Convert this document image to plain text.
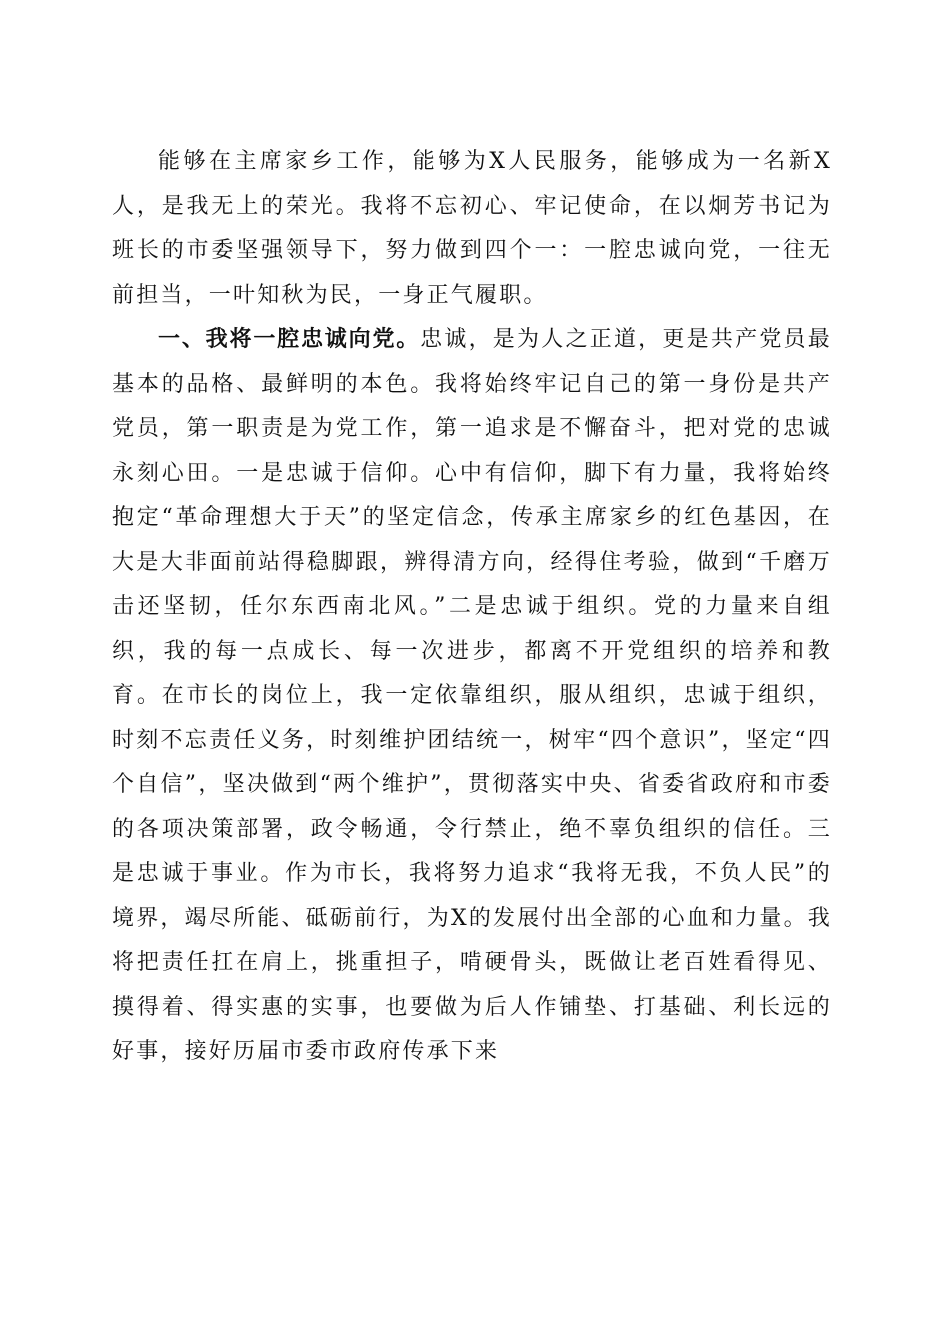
能够在主席家乡工作，能够为X人民服务，能够成为一名新X人，是我无上的荣光。我将不忘初心、牢记使命，在以炯芳书记为班长的市委坚强领导下，努力做到四个一：一腔忠诚向党，一往无前担当，一叶知秋为民，一身正气履职。

一、我将一腔忠诚向党。忠诚，是为人之正道，更是共产党员最基本的品格、最鲜明的本色。我将始终牢记自己的第一身份是共产党员，第一职责是为党工作，第一追求是不懈奋斗，把对党的忠诚永刻心田。一是忠诚于信仰。心中有信仰，脚下有力量，我将始终抱定“革命理想大于天”的坚定信念，传承主席家乡的红色基因，在大是大非面前站得稳脚跟，辨得清方向，经得住考验，做到“千磨万击还坚韧，任尔东西南北风。”二是忠诚于组织。党的力量来自组织，我的每一点成长、每一次进步，都离不开党组织的培养和教育。在市长的岗位上，我一定依靠组织，服从组织，忠诚于组织，时刻不忘责任义务，时刻维护团结统一，树牢“四个意识”，坚定“四个自信”，坚决做到“两个维护”，贯彻落实中央、省委省政府和市委的各项决策部署，政令畅通，令行禁止，绝不辜负组织的信任。三是忠诚于事业。作为市长，我将努力追求“我将无我，不负人民”的境界，竭尽所能、砥砺前行，为X的发展付出全部的心血和力量。我将把责任扛在肩上，挑重担子，啃硬骨头，既做让老百姓看得见、摸得着、得实惠的实事，也要做为后人作铺垫、打基础、利长远的好事，接好历届市委市政府传承下来
